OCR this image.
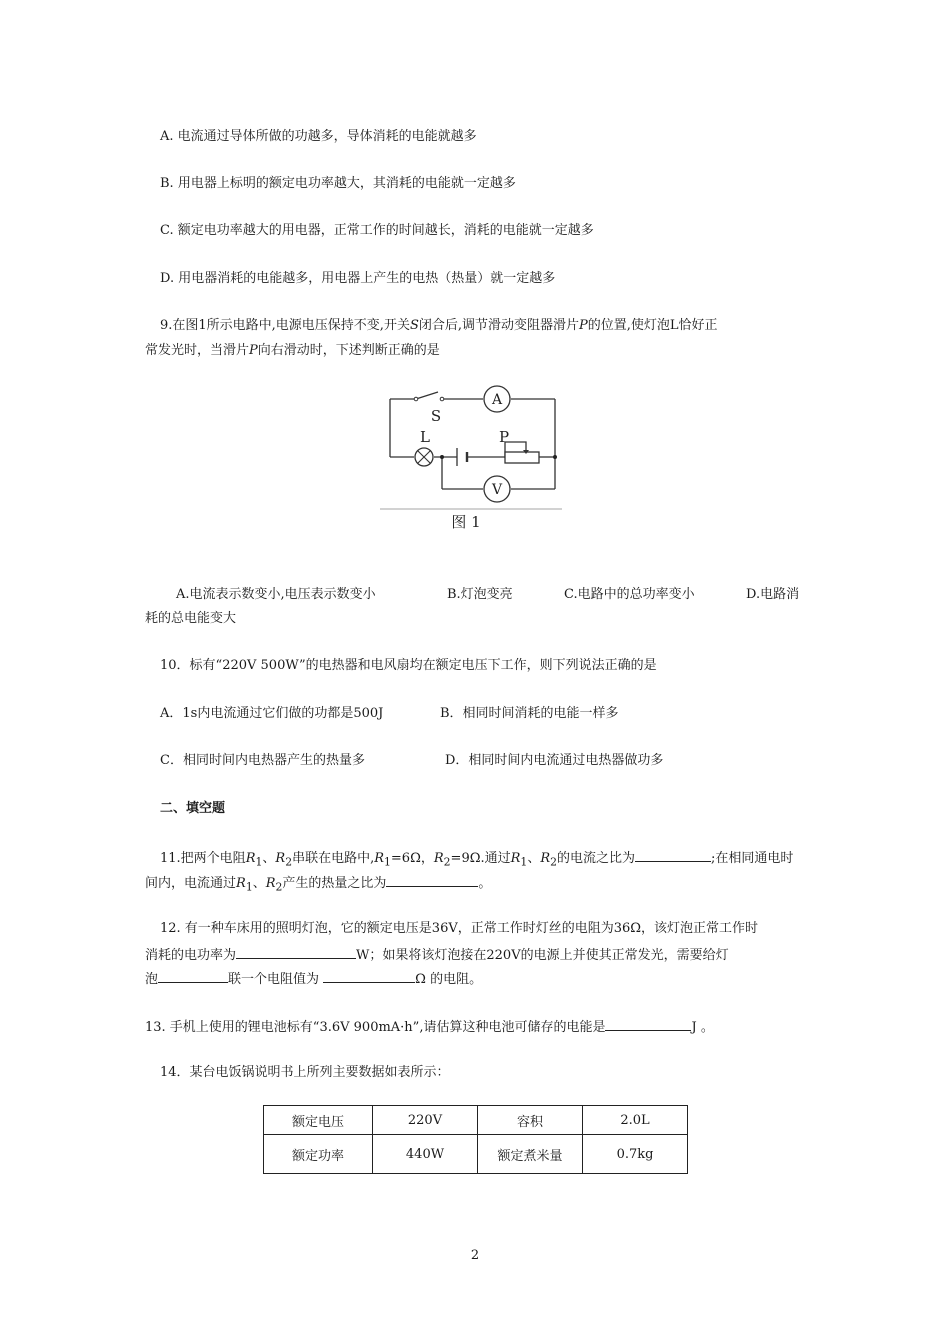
A. 电流通过导体所做的功越多，导体消耗的电能就越多
B. 用电器上标明的额定电功率越大，其消耗的电能就一定越多
C. 额定电功率越大的用电器，正常工作的时间越长，消耗的电能就一定越多
D. 用电器消耗的电能越多，用电器上产生的电热（热量）就一定越多
9.在图1所示电路中,电源电压保持不变,开关S闭合后,调节滑动变阻器滑片P的位置,使灯泡L恰好正
常发光时，当滑片P向右滑动时，下述判断正确的是
A
V
S
L	P
图 1
A.电流表示数变小,电压表示数变小	B.灯泡变亮	C.电路中的总功率变小	D.电路消
耗的总电能变大
10．标有“220V 500W”的电热器和电风扇均在额定电压下工作，则下列说法正确的是
A．1s内电流通过它们做的功都是500J	B．相同时间消耗的电能一样多
C．相同时间内电热器产生的热量多	D．相同时间内电流通过电热器做功多
二、填空题
11.把两个电阻$R_1$、$R_2$串联在电路中$,R_1=6\Omega$，$R_2=9\Omega$.通过$R_1$、$R_2$的电流之比为	;在相同通电时
间内，电流通过$R_1$、$R_2$产生的热量之比为	。
12. 有一种车床用的照明灯泡，它的额定电压是36V，正常工作时灯丝的电阻为36Ω，该灯泡正常工作时
消耗的电功率为	W；如果将该灯泡接在220V的电源上并使其正常发光，需要给灯
泡	联一个电阻值为	Ω 的电阻。
13. 手机上使用的锂电池标有“3.6V 900mA·h”,请估算这种电池可储存的电能是	J 。
14．某台电饭锅说明书上所列主要数据如表所示：
额定电压	220V	容积	2.0L
额定功率	440W	额定煮米量	0.7kg
2
